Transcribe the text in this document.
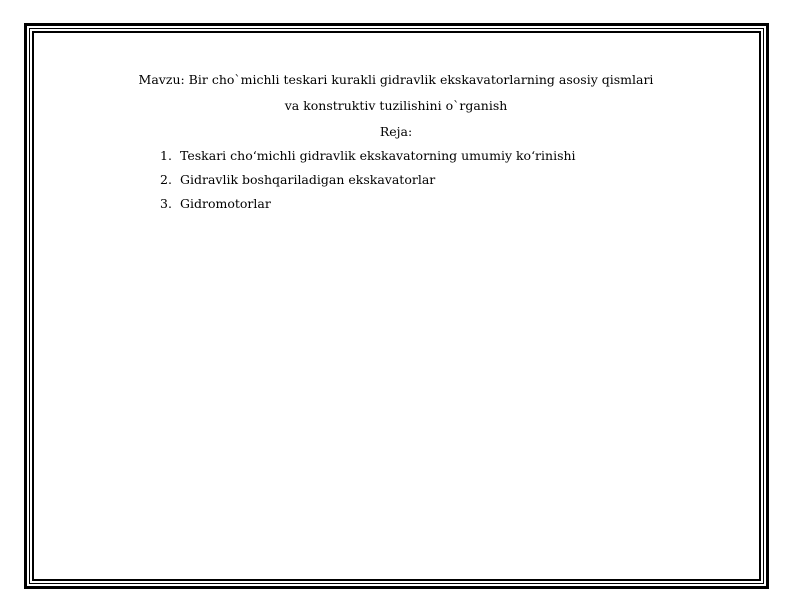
Mavzu: Bir cho`michli teskari kurakli gidravlik ekskavatorlarning asosiy qismlari
va konstruktiv tuzilishini o`rganish
Reja:
1. Teskari cho‘michli gidravlik ekskavatorning umumiy ko‘rinishi
2. Gidravlik boshqariladigan ekskavatorlar
3. Gidromotorlar
